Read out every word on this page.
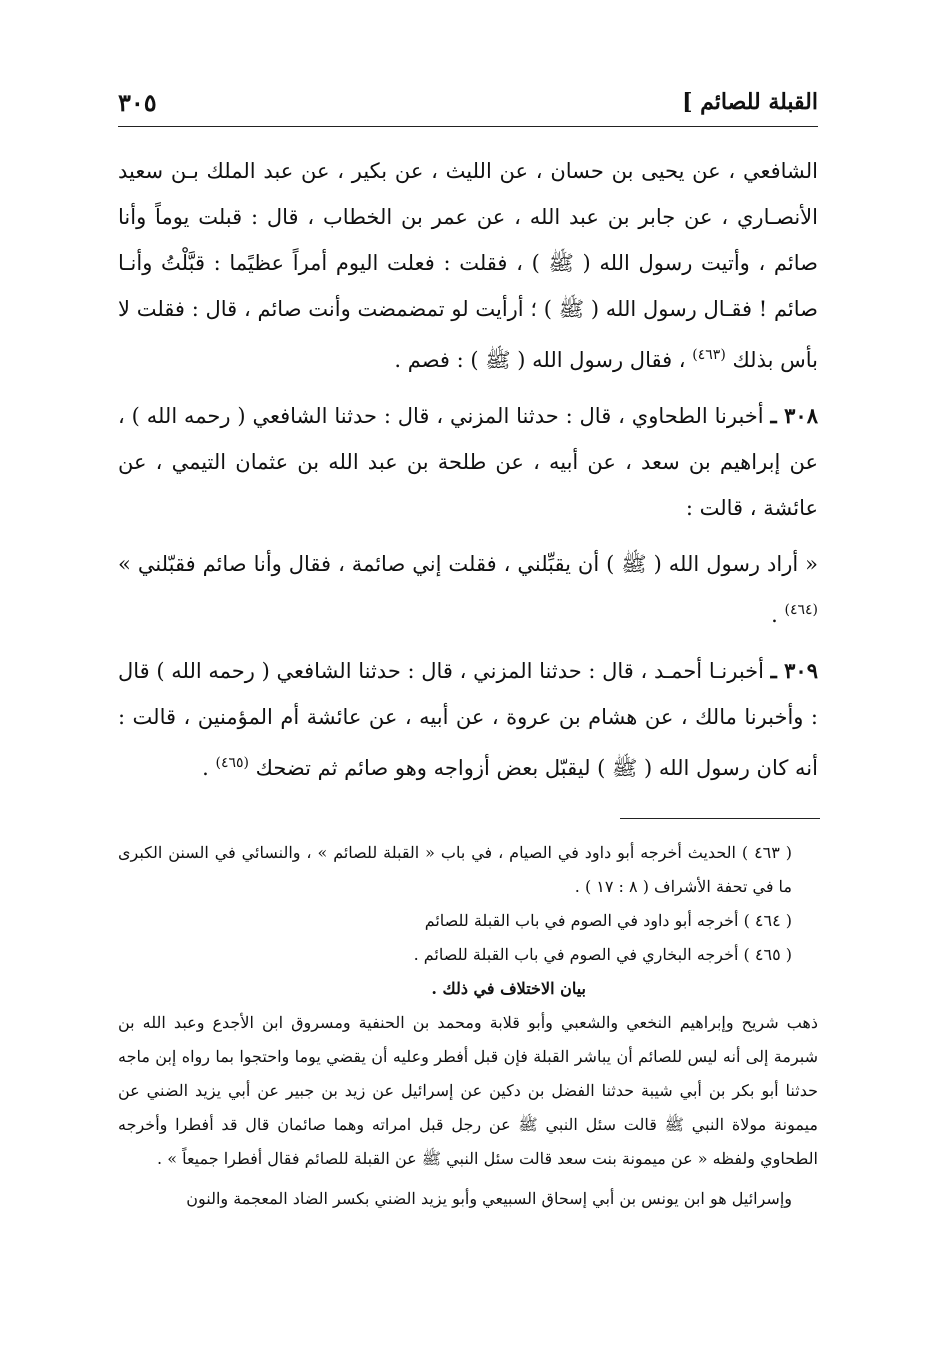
القبلة للصائم ]
٣٠٥

الشافعي ، عن يحيى بن حسان ، عن الليث ، عن بكير ، عن عبد الملك بـن سعيد الأنصـاري ، عن جابر بن عبد الله ، عن عمر بن الخطاب ، قال : قبلت يوماً وأنا صائم ، وأتيت رسول الله ( ﷺ ) ، فقلت : فعلت اليوم أمراً عظيًما : قبَّلْتُ وأنـا صائم ! فقـال رسول الله ( ﷺ ) ؛ أرأيت لو تمضمضت وأنت صائم ، قال : فقلت لا بأس بذلك $^{(٤٦٣)}$ ، فقال رسول الله ( ﷺ ) : فصم .

٣٠٨ ـ أخبرنا الطحاوي ، قال : حدثنا المزني ، قال : حدثنا الشافعي ( رحمه الله ) ، عن إبراهيم بن سعد ، عن أبيه ، عن طلحة بن عبد الله بن عثمان التيمي ، عن عائشة ، قالت :

« أراد رسول الله ( ﷺ ) أن يقبِّلني ، فقلت إني صائمة ، فقال وأنا صائم فقبّلني » $^{(٤٦٤)}$ .

٣٠٩ ـ أخبرنـا أحمـد ، قال : حدثنا المزني ، قال : حدثنا الشافعي ( رحمه الله ) قال : وأخبرنا مالك ، عن هشام بن عروة ، عن أبيه ، عن عائشة أم المؤمنين ، قالت : أنه كان رسول الله ( ﷺ ) ليقبّل بعض أزواجه وهو صائم ثم تضحك $^{(٤٦٥)}$ .

( ٤٦٣ ) الحديث أخرجه أبو داود في الصيام ، في باب « القبلة للصائم » ، والنسائي في السنن الكبرى ما في تحفة الأشراف ( ٨ : ١٧ ) .

( ٤٦٤ ) أخرجه أبو داود في الصوم في باب القبلة للصائم

( ٤٦٥ ) أخرجه البخاري في الصوم في باب القبلة للصائم .

بيان الاختلاف في ذلك .

ذهب شريح وإبراهيم النخعي والشعبي وأبو قلابة ومحمد بن الحنفية ومسروق ابن الأجدع وعبد الله بن شبرمة إلى أنه ليس للصائم أن يباشر القبلة فإن قبل أفطر وعليه أن يقضي يوما واحتجوا بما رواه إبن ماجه حدثنا أبو بكر بن أبي شيبة حدثنا الفضل بن دكين عن إسرائيل عن زيد بن جبير عن أبي يزيد الضني عن ميمونة مولاة النبي ﷺ قالت سئل النبي ﷺ عن رجل قبل امراته وهما صائمان قال قد أفطرا وأخرجه الطحاوي ولفظه « عن ميمونة بنت سعد قالت سئل النبي ﷺ عن القبلة للصائم فقال أفطرا جميعاً » .

وإسرائيل هو ابن يونس بن أبي إسحاق السبيعي وأبو يزيد الضني بكسر الضاد المعجمة والنون
